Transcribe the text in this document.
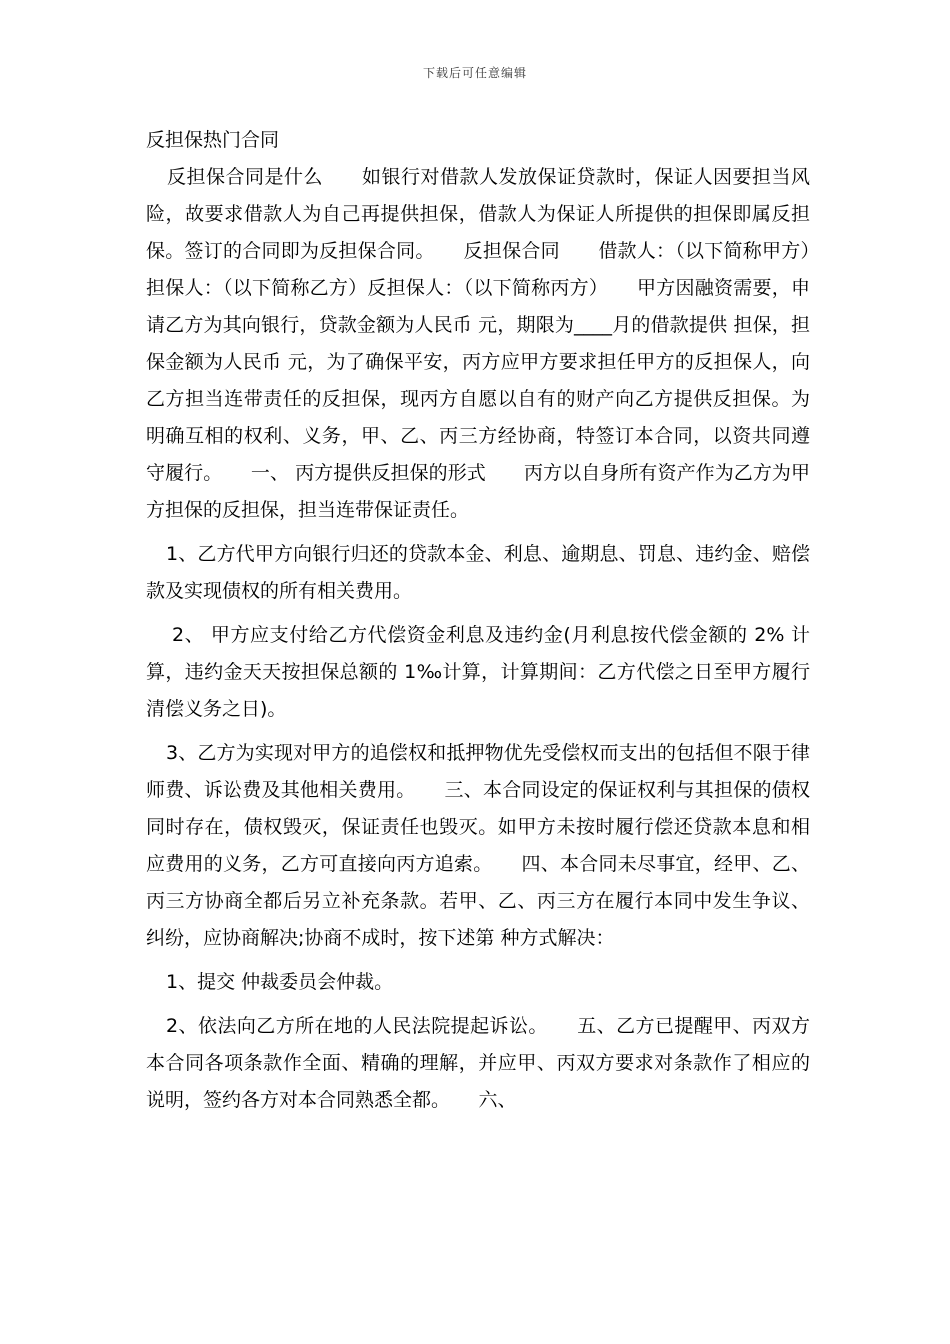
下载后可任意编辑

反担保热门合同

反担保合同是什么　　如银行对借款人发放保证贷款时，保证人因要担当风险，故要求借款人为自己再提供担保，借款人为保证人所提供的担保即属反担保。签订的合同即为反担保合同。　　反担保合同　　借款人：（以下简称甲方）　　担保人：（以下简称乙方）反担保人：（以下简称丙方）　　甲方因融资需要，申请乙方为其向银行，贷款金额为人民币 元，期限为____月的借款提供 担保，担保金额为人民币 元，为了确保平安，丙方应甲方要求担任甲方的反担保人，向乙方担当连带责任的反担保，现丙方自愿以自有的财产向乙方提供反担保。为明确互相的权利、义务，甲、乙、丙三方经协商，特签订本合同，以资共同遵守履行。　　一、 丙方提供反担保的形式　　丙方以自身所有资产作为乙方为甲方担保的反担保，担当连带保证责任。

1、乙方代甲方向银行归还的贷款本金、利息、逾期息、罚息、违约金、赔偿款及实现债权的所有相关费用。

2、 甲方应支付给乙方代偿资金利息及违约金(月利息按代偿金额的 2% 计算，违约金天天按担保总额的 1‰计算，计算期间：乙方代偿之日至甲方履行清偿义务之日)。

3、乙方为实现对甲方的追偿权和抵押物优先受偿权而支出的包括但不限于律师费、诉讼费及其他相关费用。　　三、本合同设定的保证权利与其担保的债权同时存在，债权毁灭，保证责任也毁灭。如甲方未按时履行偿还贷款本息和相应费用的义务，乙方可直接向丙方追索。　　四、本合同未尽事宜，经甲、乙、丙三方协商全都后另立补充条款。若甲、乙、丙三方在履行本同中发生争议、纠纷，应协商解决;协商不成时，按下述第 种方式解决：

1、提交 仲裁委员会仲裁。

2、依法向乙方所在地的人民法院提起诉讼。　　五、乙方已提醒甲、丙双方本合同各项条款作全面、精确的理解，并应甲、丙双方要求对条款作了相应的说明，签约各方对本合同熟悉全都。　　六、
